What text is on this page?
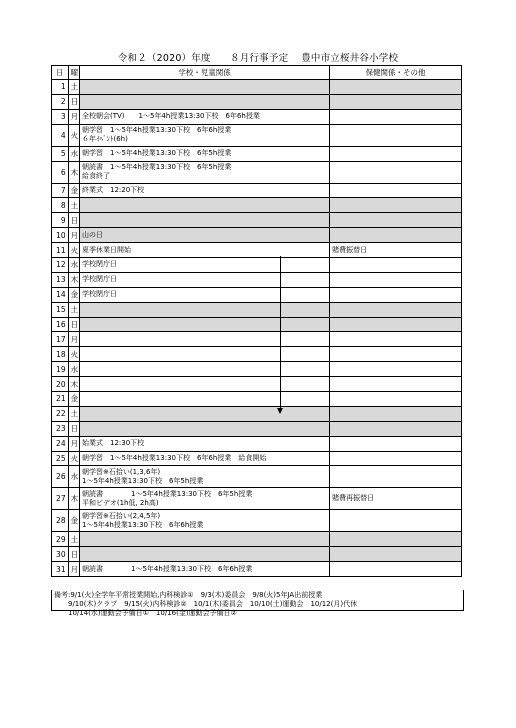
令和２（2020）年度　　８月行事予定　 豊中市立桜井谷小学校
日	曜	学校・児童関係	保健関係・その他
1	土		
2	日		
3	月	全校朝会(TV)　　1～5年4h授業13:30下校　6年6h授業	
4	火	朝学習　1～5年4h授業13:30下校　6年6h授業
６年ｲﾍﾞﾝﾄ(6h)	
5	水	朝学習　1～5年4h授業13:30下校　6年5h授業	
6	木	朝読書　1～5年4h授業13:30下校　6年5h授業
給食終了	
7	金	終業式　12:20下校	
8	土		
9	日		
10	月	山の日	
11	火	夏季休業日開始	賭費振替日
12	水	学校閉庁日	
13	木	学校閉庁日	
14	金	学校閉庁日	
15	土		
16	日		
17	月		
18	火		
19	水		
20	木		
21	金		
22	土		
23	日		
24	月	始業式　12:30下校	
25	火	朝学習　1～5年4h授業13:30下校　6年6h授業　給食開始	
26	水	朝学習※石拾い(1,3,6年)
1～5年4h授業13:30下校　6年5h授業	
27	木	朝読書　　　　1～5年4h授業13:30下校　6年5h授業
平和ビデオ(1h低, 2h高)	賭費再振替日
28	金	朝学習※石拾い(2,4,5年)
1～5年4h授業13:30下校　6年6h授業	
29	土		
30	日		
31	月	朝読書　　　　1～5年4h授業13:30下校　6年6h授業	
備考:9/1(火)全学年平常授業開始,内科検診①　9/3(木)委員会　9/8(火)5年JA出前授業
　　9/10(木)クラブ　9/15(火)内科検診②　10/1(木)委員会　10/10(土)運動会　10/12(月)代休
　　10/14(水)運動会予備日①　10/16(金)運動会予備日②
